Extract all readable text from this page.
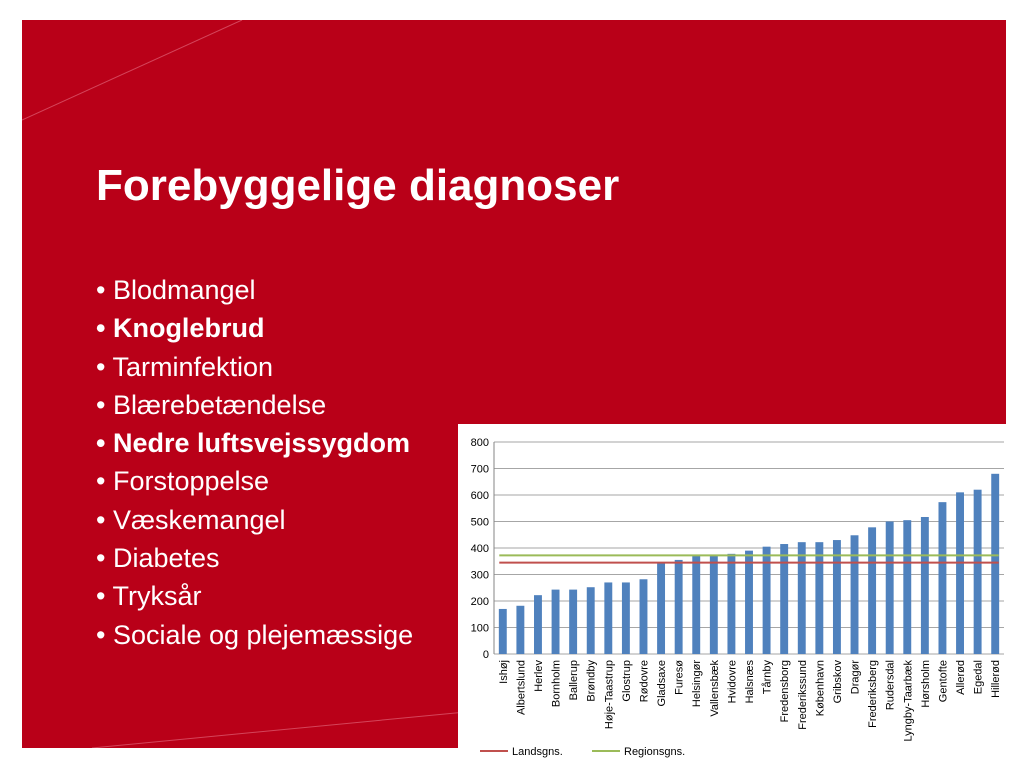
Forebyggelige diagnoser
• Blodmangel
• Knoglebrud
• Tarminfektion
• Blærebetændelse
• Nedre luftsvejssygdom
• Forstoppelse
• Væskemangel
• Diabetes
• Tryksår
• Sociale og plejemæssige
0
100
200
300
400
500
600
700
800
Ishøj Albertslund Herlev Bornholm Ballerup Brøndby Høje-Taastrup Glostrup Rødovre Gladsaxe Furesø Helsingør Vallensbæk Hvidovre Halsnæs Tårnby Fredensborg Frederikssund København Gribskov Dragør Frederiksberg Rudersdal Lyngby-Taarbæk Hørsholm Gentofte Allerød Egedal Hillerød
Landsgns.	Regionsgns.
